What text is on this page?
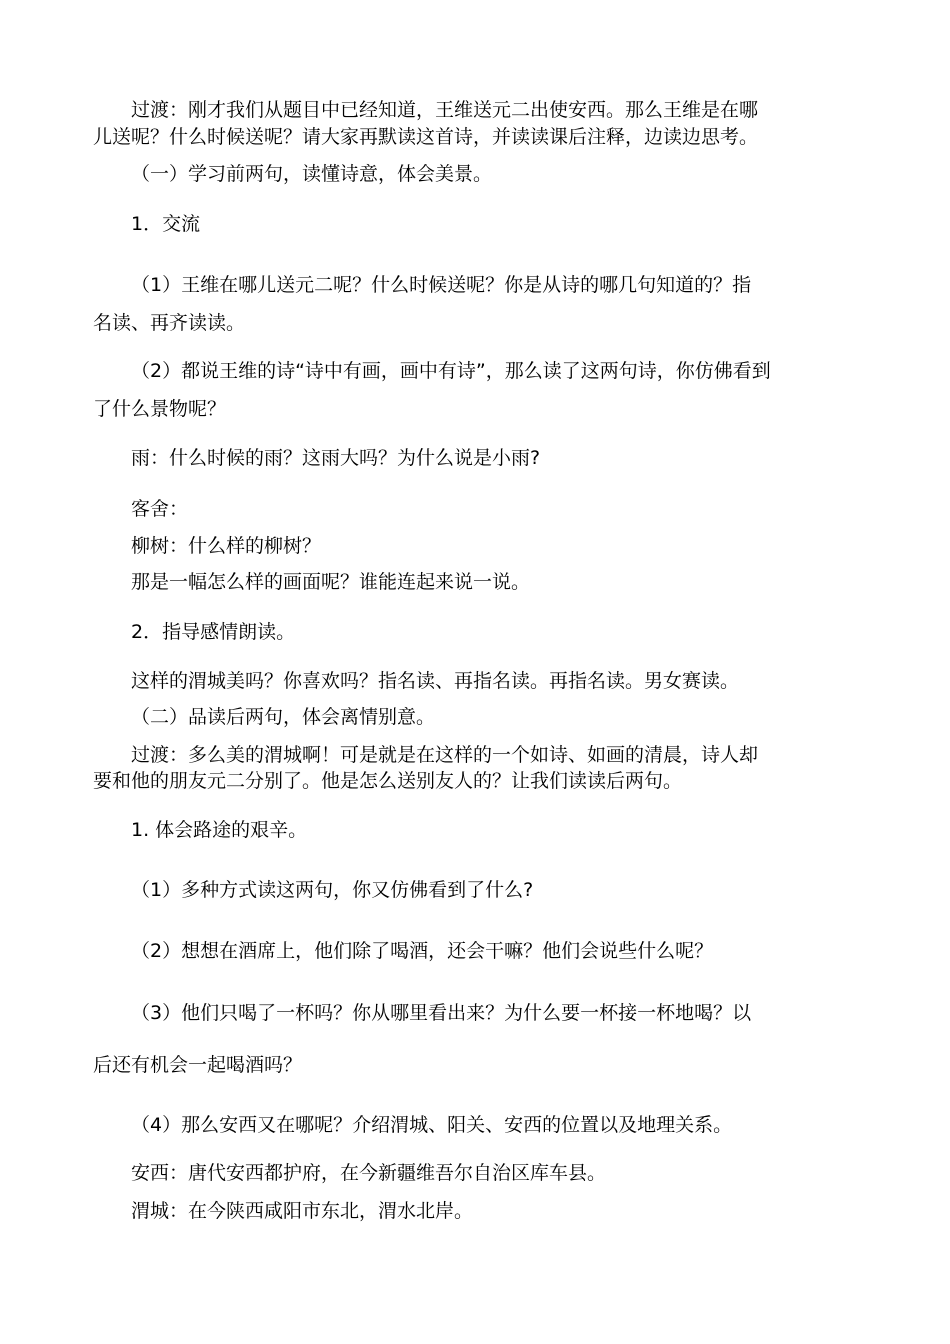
过渡：刚才我们从题目中已经知道，王维送元二出使安西。那么王维是在哪

儿送呢？什么时候送呢？请大家再默读这首诗，并读读课后注释，边读边思考。

（一）学习前两句，读懂诗意，体会美景。

1．交流

（1）王维在哪儿送元二呢？什么时候送呢？你是从诗的哪几句知道的？指

名读、再齐读读。

（2）都说王维的诗“诗中有画，画中有诗”，那么读了这两句诗，你仿佛看到

了什么景物呢？

雨：什么时候的雨？这雨大吗？为什么说是小雨?

客舍：

柳树：什么样的柳树？

那是一幅怎么样的画面呢？谁能连起来说一说。

2．指导感情朗读。

这样的渭城美吗？你喜欢吗？指名读、再指名读。再指名读。男女赛读。

（二）品读后两句，体会离情别意。

过渡：多么美的渭城啊！可是就是在这样的一个如诗、如画的清晨，诗人却

要和他的朋友元二分别了。他是怎么送别友人的？让我们读读后两句。

1. 体会路途的艰辛。

（1）多种方式读这两句，你又仿佛看到了什么?

（2）想想在酒席上，他们除了喝酒，还会干嘛？他们会说些什么呢？

（3）他们只喝了一杯吗？你从哪里看出来？为什么要一杯接一杯地喝？以

后还有机会一起喝酒吗？

（4）那么安西又在哪呢？介绍渭城、阳关、安西的位置以及地理关系。

安西：唐代安西都护府，在今新疆维吾尔自治区库车县。

渭城：在今陕西咸阳市东北，渭水北岸。
